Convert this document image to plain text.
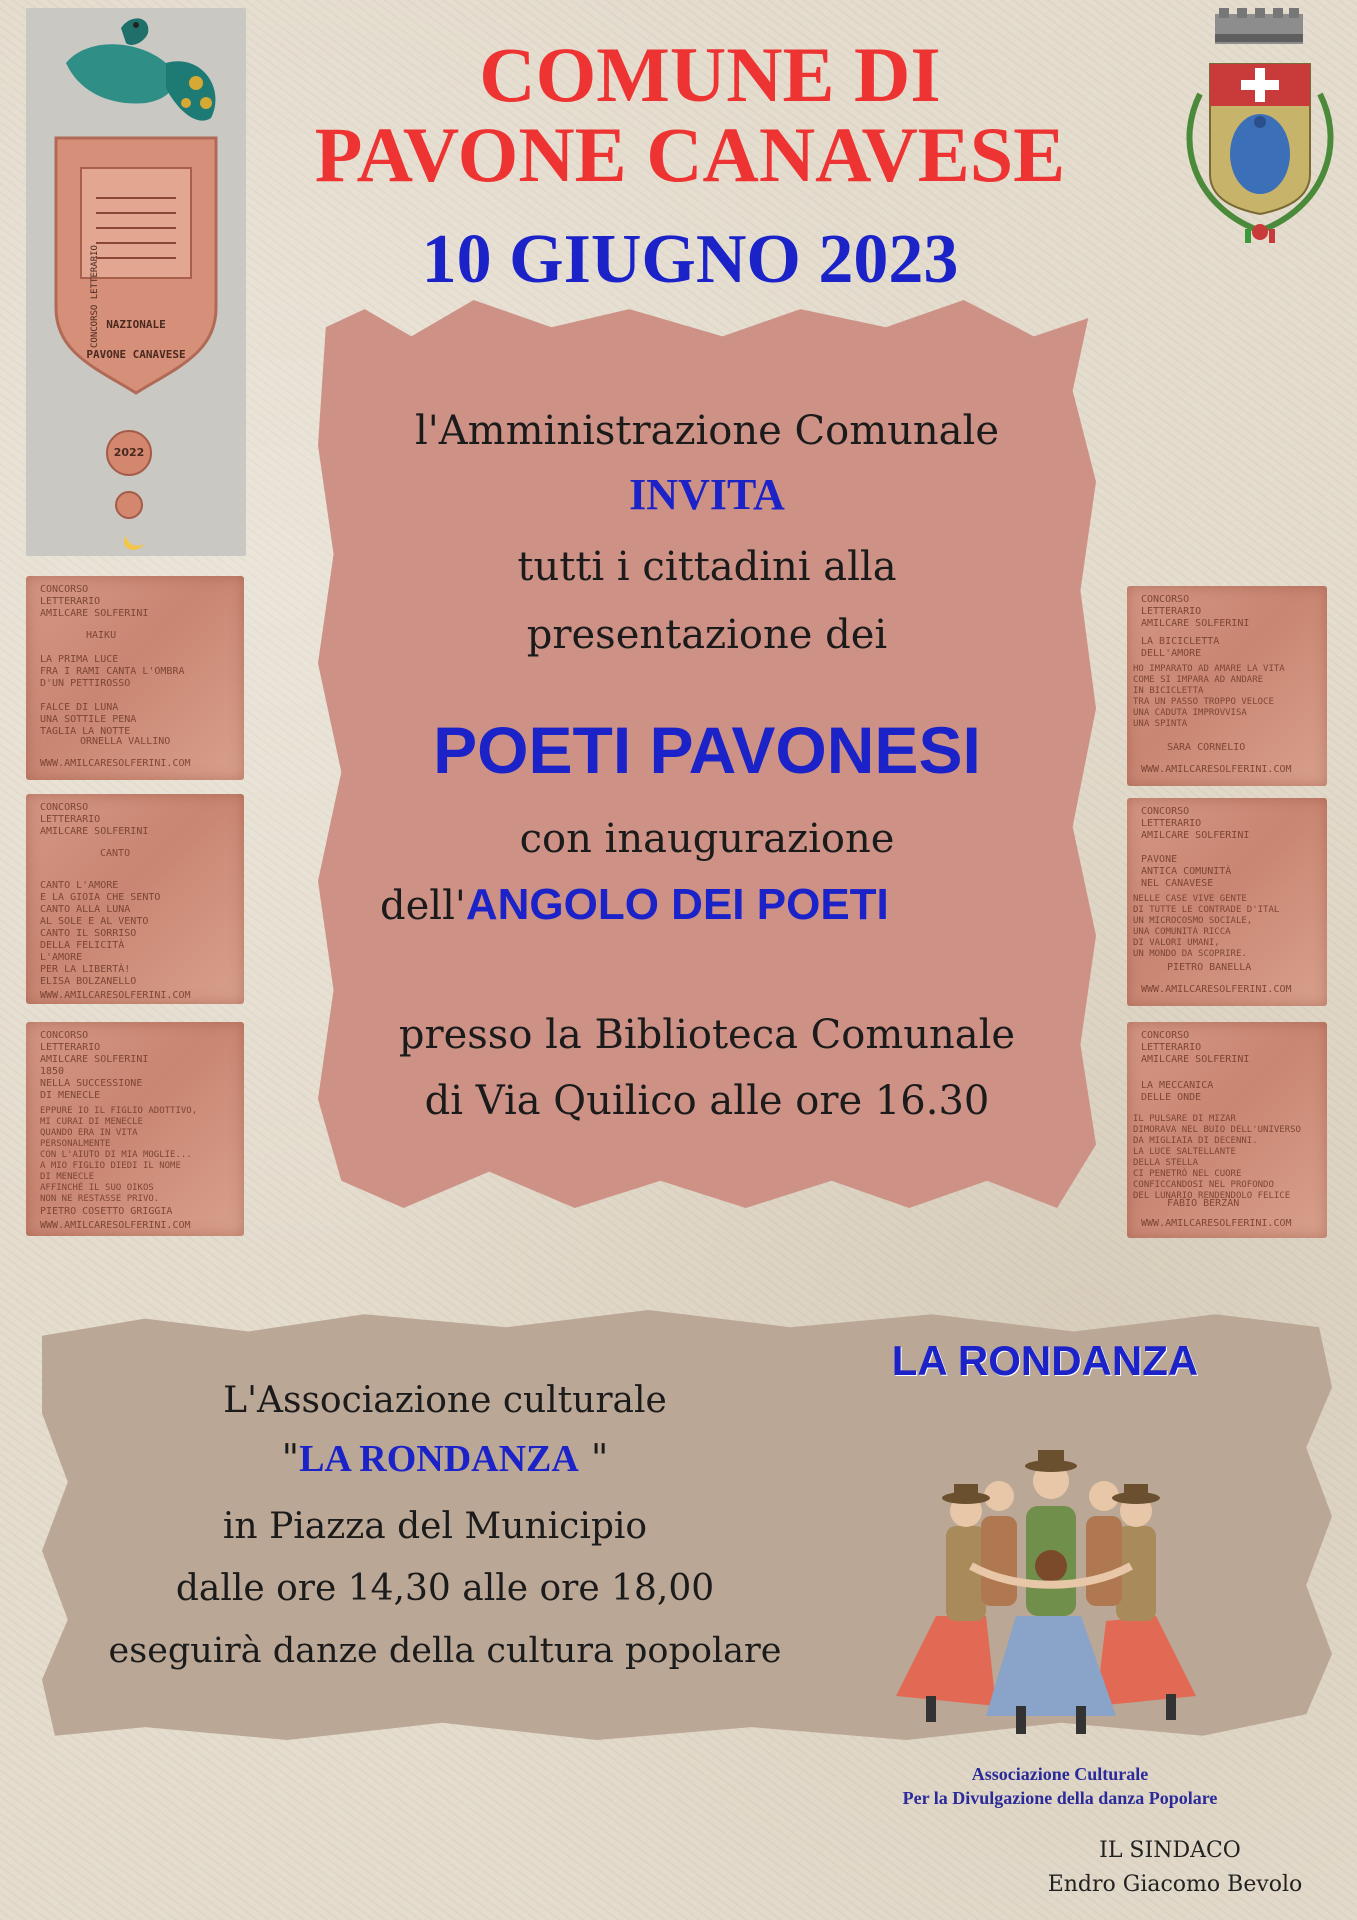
NAZIONALE
PAVONE CANAVESE
2022
CONCORSO LETTERARIO
COMUNE DI
PAVONE CANAVESE
10 GIUGNO 2023
CONCORSO
LETTERARIO
AMILCARE SOLFERINI
HAIKU
LA PRIMA LUCE
FRA I RAMI CANTA L'OMBRA
D'UN PETTIROSSO

FALCE DI LUNA
UNA SOTTILE PENA
TAGLIA LA NOTTE
ORNELLA VALLINO
WWW.AMILCARESOLFERINI.COM
CONCORSO
LETTERARIO
AMILCARE SOLFERINI
CANTO
CANTO L'AMORE
E LA GIOIA CHE SENTO
CANTO ALLA LUNA
AL SOLE E AL VENTO
CANTO IL SORRISO
DELLA FELICITÀ
L'AMORE
PER LA LIBERTÀ!
ELISA BOLZANELLO
WWW.AMILCARESOLFERINI.COM
CONCORSO
LETTERARIO
AMILCARE SOLFERINI
1850
NELLA SUCCESSIONE
DI MENECLE
EPPURE IO IL FIGLIO ADOTTIVO,
MI CURAI DI MENECLE
QUANDO ERA IN VITA
PERSONALMENTE
CON L'AIUTO DI MIA MOGLIE...
A MIO FIGLIO DIEDI IL NOME
DI MENECLE
AFFINCHÉ IL SUO OIKOS
NON NE RESTASSE PRIVO.
PIETRO COSETTO GRIGGIA
WWW.AMILCARESOLFERINI.COM
CONCORSO
LETTERARIO
AMILCARE SOLFERINI
LA BICICLETTA
DELL'AMORE
HO IMPARATO AD AMARE LA VITA
COME SI IMPARA AD ANDARE
IN BICICLETTA
TRA UN PASSO TROPPO VELOCE
UNA CADUTA IMPROVVISA
UNA SPINTA
SARA CORNELIO
WWW.AMILCARESOLFERINI.COM
CONCORSO
LETTERARIO
AMILCARE SOLFERINI
PAVONE
ANTICA COMUNITÀ
NEL CANAVESE
NELLE CASE VIVE GENTE
DI TUTTE LE CONTRADE D'ITAL
UN MICROCOSMO SOCIALE,
UNA COMUNITÀ RICCA
DI VALORI UMANI,
UN MONDO DA SCOPRIRE.
PIETRO BANELLA
WWW.AMILCARESOLFERINI.COM
CONCORSO
LETTERARIO
AMILCARE SOLFERINI
LA MECCANICA
DELLE ONDE
IL PULSARE DI MIZAR
DIMORAVA NEL BUIO DELL'UNIVERSO
DA MIGLIAIA DI DECENNI.
LA LUCE SALTELLANTE
DELLA STELLA
CI PENETRÒ NEL CUORE
CONFICCANDOSI NEL PROFONDO
DEL LUNARIO RENDENDOLO FELICE
FABIO BERZAN
WWW.AMILCARESOLFERINI.COM
l'Amministrazione Comunale
INVITA
tutti i cittadini alla
presentazione dei
POETI PAVONESI
con inaugurazione
dell'ANGOLO DEI POETI
presso la Biblioteca Comunale
di Via Quilico alle ore 16.30
L'Associazione culturale
"LA RONDANZA "
in Piazza del Municipio
dalle ore 14,30 alle ore 18,00
eseguirà danze della cultura popolare
LA RONDANZA
Associazione Culturale
Per la Divulgazione della danza Popolare
IL SINDACO
Endro Giacomo Bevolo
